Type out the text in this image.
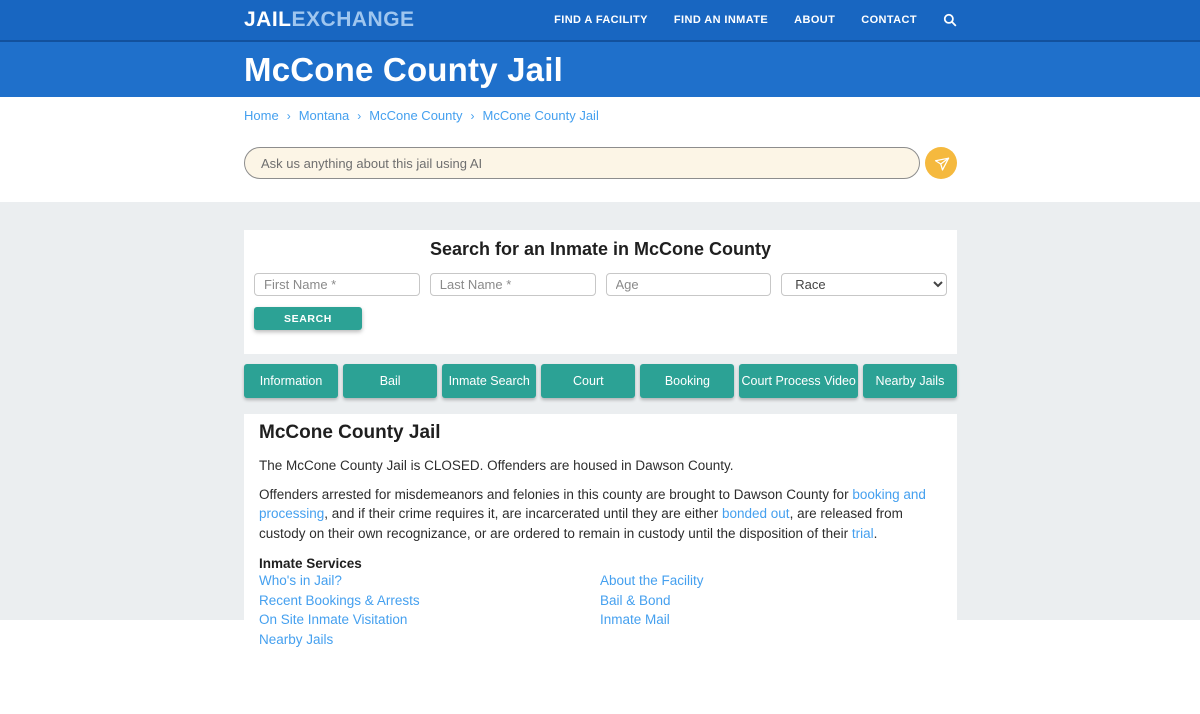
JAILEXCHANGE	FIND A FACILITY FIND AN INMATE ABOUT CONTACT
McCone County Jail
Home › Montana › McCone County › McCone County Jail
Ask us anything about this jail using AI
Search for an Inmate in McCone County
First Name *
Last Name *
Age
Race
SEARCH
Information	Bail	Inmate Search	Court	Booking	Court Process Video	Nearby Jails
McCone County Jail

The McCone County Jail is CLOSED. Offenders are housed in Dawson County.

Offenders arrested for misdemeanors and felonies in this county are brought to Dawson County for booking and processing, and if their crime requires it, are incarcerated until they are either bonded out, are released from custody on their own recognizance, or are ordered to remain in custody until the disposition of their trial.

Inmate Services
Who's in Jail?
Recent Bookings & Arrests
On Site Inmate Visitation
Nearby Jails
About the Facility
Bail & Bond
Inmate Mail
